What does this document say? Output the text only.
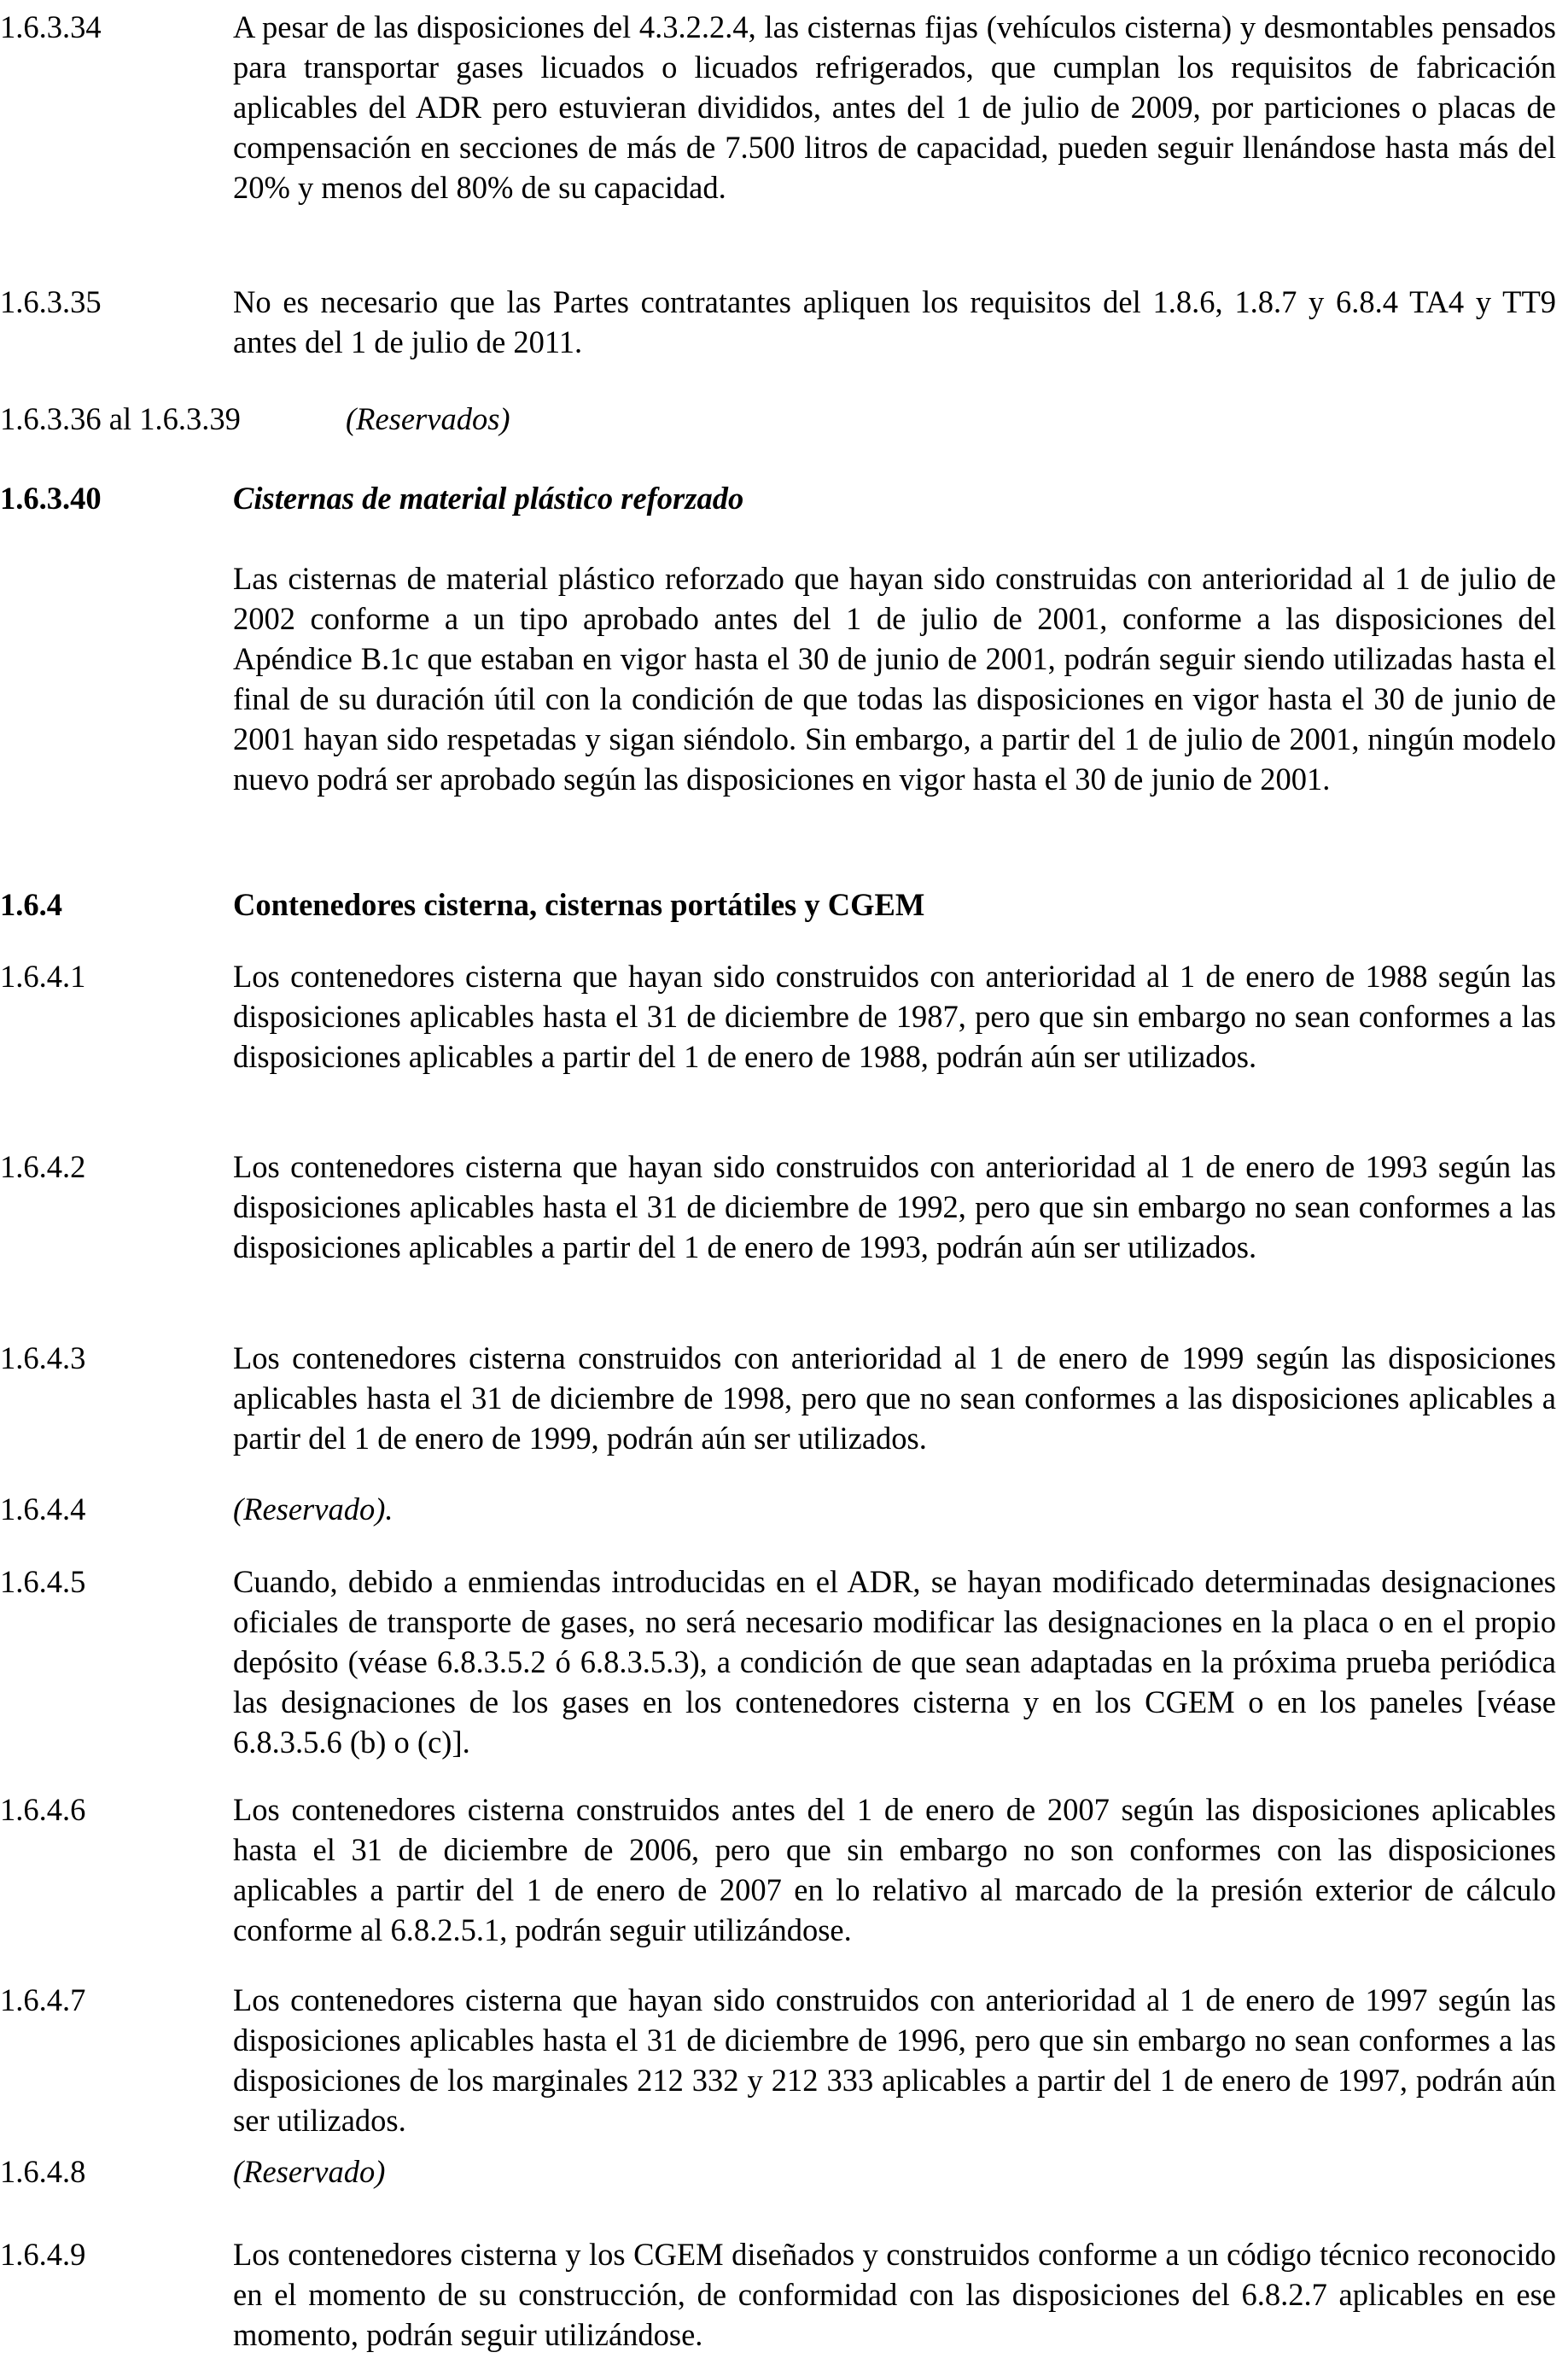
1.6.3.34	A pesar de las disposiciones del 4.3.2.2.4, las cisternas fijas (vehículos cisterna) y desmontables pensados para transportar gases licuados o licuados refrigerados, que cumplan los requisitos de fabricación aplicables del ADR pero estuvieran divididos, antes del 1 de julio de 2009, por particiones o placas de compensación en secciones de más de 7.500 litros de capacidad, pueden seguir llenándose hasta más del 20% y menos del 80% de su capacidad.
1.6.3.35	No es necesario que las Partes contratantes apliquen los requisitos del 1.8.6, 1.8.7 y 6.8.4 TA4 y TT9 antes del 1 de julio de 2011.
1.6.3.36 al 1.6.3.39	(Reservados)
1.6.3.40	Cisternas de material plástico reforzado
Las cisternas de material plástico reforzado que hayan sido construidas con anterioridad al 1 de julio de 2002 conforme a un tipo aprobado antes del 1 de julio de 2001, conforme a las disposiciones del Apéndice B.1c que estaban en vigor hasta el 30 de junio de 2001, podrán seguir siendo utilizadas hasta el final de su duración útil con la condición de que todas las disposiciones en vigor hasta el 30 de junio de 2001 hayan sido respetadas y sigan siéndolo. Sin embargo, a partir del 1 de julio de 2001, ningún modelo nuevo podrá ser aprobado según las disposiciones en vigor hasta el 30 de junio de 2001.
1.6.4	Contenedores cisterna, cisternas portátiles y CGEM
1.6.4.1	Los contenedores cisterna que hayan sido construidos con anterioridad al 1 de enero de 1988 según las disposiciones aplicables hasta el 31 de diciembre de 1987, pero que sin embargo no sean conformes a las disposiciones aplicables a partir del 1 de enero de 1988, podrán aún ser utilizados.
1.6.4.2	Los contenedores cisterna que hayan sido construidos con anterioridad al 1 de enero de 1993 según las disposiciones aplicables hasta el 31 de diciembre de 1992, pero que sin embargo no sean conformes a las disposiciones aplicables a partir del 1 de enero de 1993, podrán aún ser utilizados.
1.6.4.3	Los contenedores cisterna construidos con anterioridad al 1 de enero de 1999 según las disposiciones aplicables hasta el 31 de diciembre de 1998, pero que no sean conformes a las disposiciones aplicables a partir del 1 de enero de 1999, podrán aún ser utilizados.
1.6.4.4	(Reservado).
1.6.4.5	Cuando, debido a enmiendas introducidas en el ADR, se hayan modificado determinadas designaciones oficiales de transporte de gases, no será necesario modificar las designaciones en la placa o en el propio depósito (véase 6.8.3.5.2 ó 6.8.3.5.3), a condición de que sean adaptadas en la próxima prueba periódica las designaciones de los gases en los contenedores cisterna y en los CGEM o en los paneles [véase 6.8.3.5.6 (b) o (c)].
1.6.4.6	Los contenedores cisterna construidos antes del 1 de enero de 2007 según las disposiciones aplicables hasta el 31 de diciembre de 2006, pero que sin embargo no son conformes con las disposiciones aplicables a partir del 1 de enero de 2007 en lo relativo al marcado de la presión exterior de cálculo conforme al 6.8.2.5.1, podrán seguir utilizándose.
1.6.4.7	Los contenedores cisterna que hayan sido construidos con anterioridad al 1 de enero de 1997 según las disposiciones aplicables hasta el 31 de diciembre de 1996, pero que sin embargo no sean conformes a las disposiciones de los marginales 212 332 y 212 333 aplicables a partir del 1 de enero de 1997, podrán aún ser utilizados.
1.6.4.8	(Reservado)
1.6.4.9	Los contenedores cisterna y los CGEM diseñados y construidos conforme a un código técnico reconocido en el momento de su construcción, de conformidad con las disposiciones del 6.8.2.7 aplicables en ese momento, podrán seguir utilizándose.
